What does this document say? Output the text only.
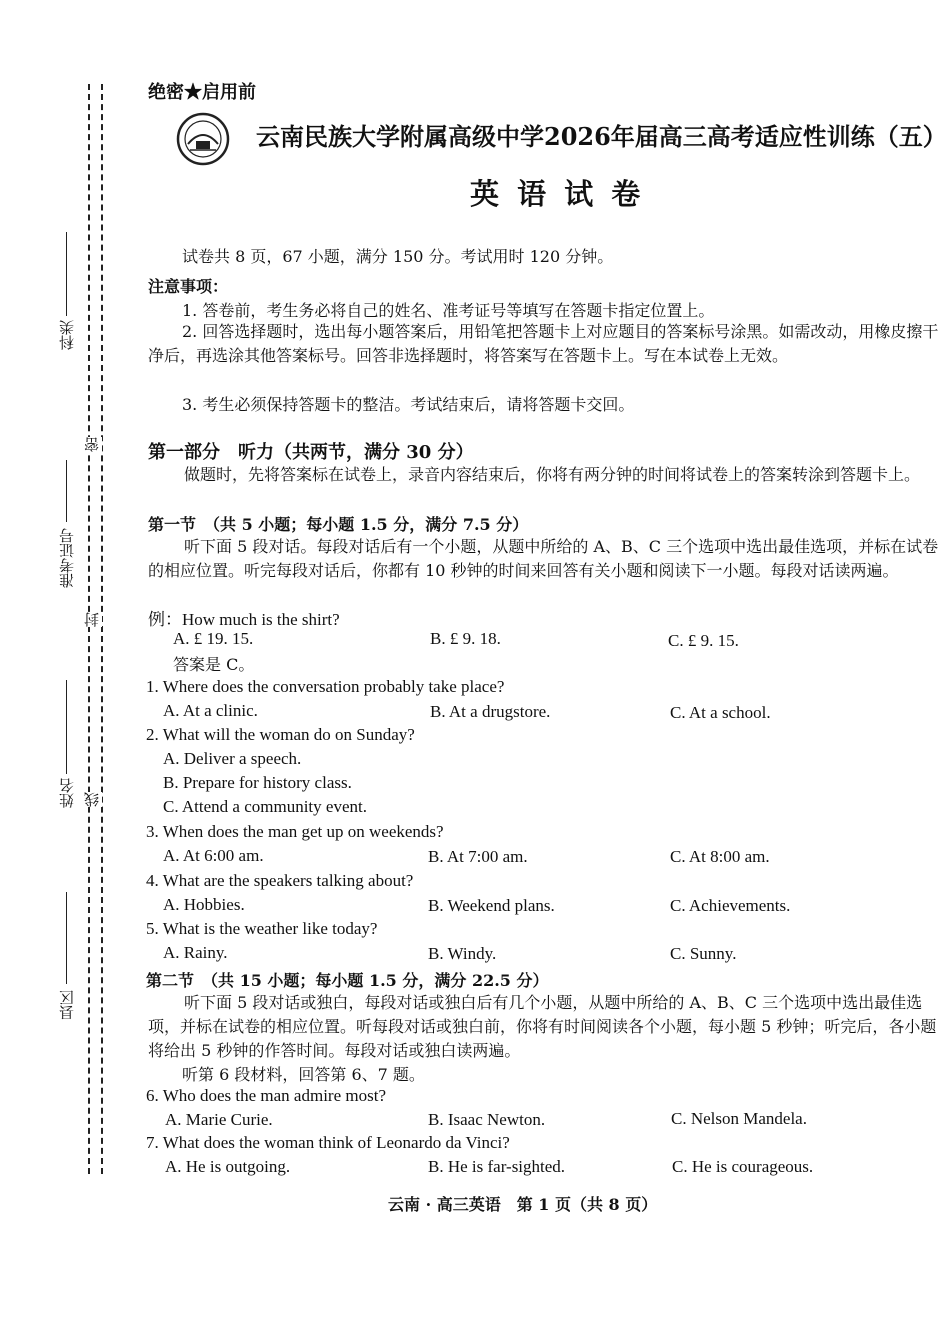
科类
准考证号
姓名
县区
密
封
线
绝密★启用前
云南民族大学附属高级中学2026年届高三高考适应性训练（五）
英 语 试 卷
试卷共 8 页，67 小题，满分 150 分。考试用时 120 分钟。
注意事项：
1. 答卷前，考生务必将自己的姓名、准考证号等填写在答题卡指定位置上。
2. 回答选择题时，选出每小题答案后，用铅笔把答题卡上对应题目的答案标号涂黑。如需改动，用橡皮擦干净后，再选涂其他答案标号。回答非选择题时，将答案写在答题卡上。写在本试卷上无效。
3. 考生必须保持答题卡的整洁。考试结束后，请将答题卡交回。
第一部分　听力（共两节，满分 30 分）
做题时，先将答案标在试卷上，录音内容结束后，你将有两分钟的时间将试卷上的答案转涂到答题卡上。
第一节　（共 5 小题；每小题 1.5 分，满分 7.5 分）
听下面 5 段对话。每段对话后有一个小题，从题中所给的 A、B、C 三个选项中选出最佳选项，并标在试卷的相应位置。听完每段对话后，你都有 10 秒钟的时间来回答有关小题和阅读下一小题。每段对话读两遍。
例：How much is the shirt?
A. £ 19. 15.	B. £ 9. 18.	C. £ 9. 15.
答案是 C。
1. Where does the conversation probably take place?
A. At a clinic.	B. At a drugstore.	C. At a school.
2. What will the woman do on Sunday?
A. Deliver a speech.
B. Prepare for history class.
C. Attend a community event.
3. When does the man get up on weekends?
A. At 6:00 am.	B. At 7:00 am.	C. At 8:00 am.
4. What are the speakers talking about?
A. Hobbies.	B. Weekend plans.	C. Achievements.
5. What is the weather like today?
A. Rainy.	B. Windy.	C. Sunny.
第二节　（共 15 小题；每小题 1.5 分，满分 22.5 分）
听下面 5 段对话或独白，每段对话或独白后有几个小题，从题中所给的 A、B、C 三个选项中选出最佳选项，并标在试卷的相应位置。听每段对话或独白前，你将有时间阅读各个小题，每小题 5 秒钟；听完后，各小题将给出 5 秒钟的作答时间。每段对话或独白读两遍。
听第 6 段材料，回答第 6、7 题。
6. Who does the man admire most?
A. Marie Curie.	B. Isaac Newton.	C. Nelson Mandela.
7. What does the woman think of Leonardo da Vinci?
A. He is outgoing.	B. He is far-sighted.	C. He is courageous.
云南 · 高三英语　第 1 页（共 8 页）
